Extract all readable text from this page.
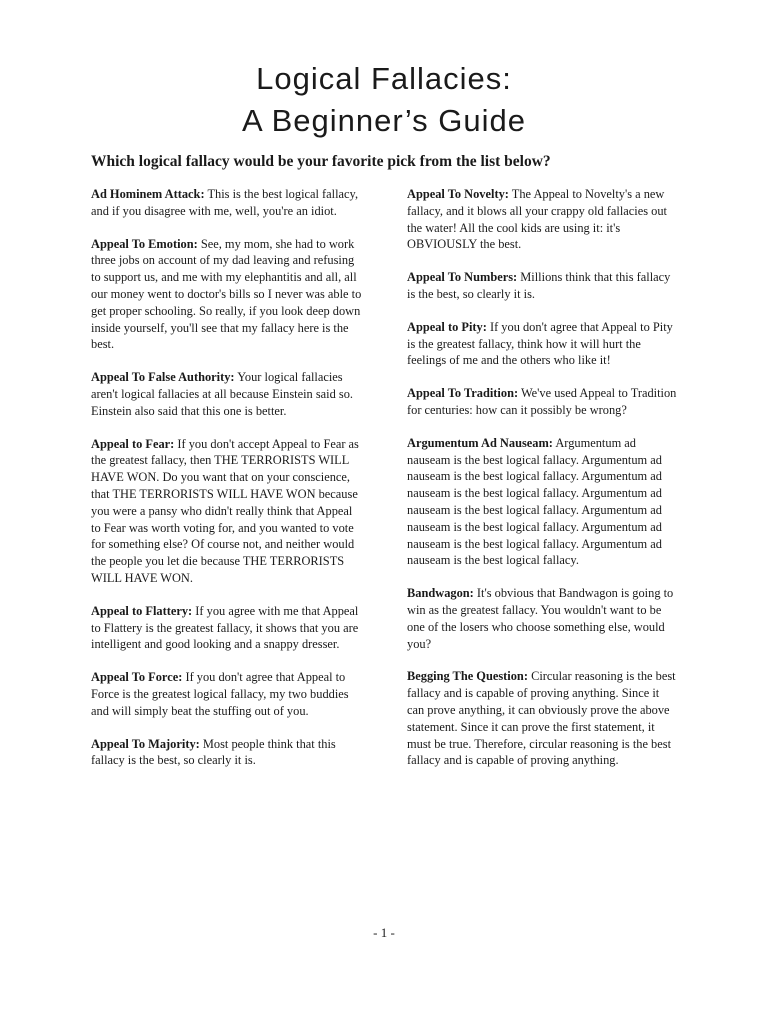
Logical Fallacies:
A Beginner’s Guide

Which logical fallacy would be your favorite pick from the list below?

Ad Hominem Attack: This is the best logical fallacy, and if you disagree with me, well, you're an idiot.

Appeal To Emotion: See, my mom, she had to work three jobs on account of my dad leaving and refusing to support us, and me with my elephantitis and all, all our money went to doctor's bills so I never was able to get proper schooling. So really, if you look deep down inside yourself, you'll see that my fallacy here is the best.

Appeal To False Authority: Your logical fallacies aren't logical fallacies at all because Einstein said so. Einstein also said that this one is better.

Appeal to Fear: If you don't accept Appeal to Fear as the greatest fallacy, then THE TERRORISTS WILL HAVE WON. Do you want that on your conscience, that THE TERRORISTS WILL HAVE WON because you were a pansy who didn't really think that Appeal to Fear was worth voting for, and you wanted to vote for something else? Of course not, and neither would the people you let die because THE TERRORISTS WILL HAVE WON.

Appeal to Flattery: If you agree with me that Appeal to Flattery is the greatest fallacy, it shows that you are intelligent and good looking and a snappy dresser.

Appeal To Force: If you don't agree that Appeal to Force is the greatest logical fallacy, my two buddies and will simply beat the stuffing out of you.

Appeal To Majority: Most people think that this fallacy is the best, so clearly it is.

Appeal To Novelty: The Appeal to Novelty's a new fallacy, and it blows all your crappy old fallacies out the water! All the cool kids are using it: it's OBVIOUSLY the best.

Appeal To Numbers: Millions think that this fallacy is the best, so clearly it is.

Appeal to Pity: If you don't agree that Appeal to Pity is the greatest fallacy, think how it will hurt the feelings of me and the others who like it!

Appeal To Tradition: We've used Appeal to Tradition for centuries: how can it possibly be wrong?

Argumentum Ad Nauseam: Argumentum ad nauseam is the best logical fallacy. Argumentum ad nauseam is the best logical fallacy. Argumentum ad nauseam is the best logical fallacy. Argumentum ad nauseam is the best logical fallacy. Argumentum ad nauseam is the best logical fallacy. Argumentum ad nauseam is the best logical fallacy. Argumentum ad nauseam is the best logical fallacy.

Bandwagon: It's obvious that Bandwagon is going to win as the greatest fallacy. You wouldn't want to be one of the losers who choose something else, would you?

Begging The Question: Circular reasoning is the best fallacy and is capable of proving anything. Since it can prove anything, it can obviously prove the above statement. Since it can prove the first statement, it must be true. Therefore, circular reasoning is the best fallacy and is capable of proving anything.

- 1 -
